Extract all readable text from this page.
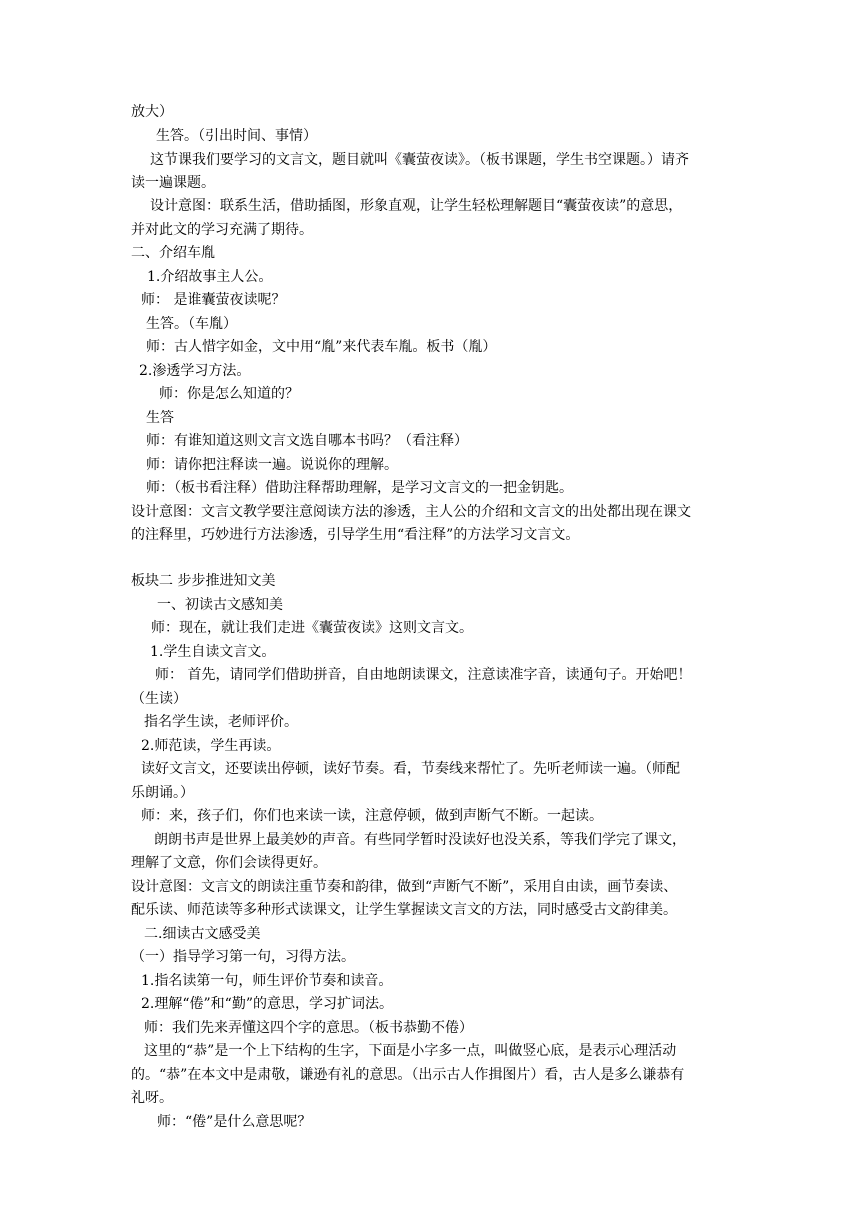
放大）
生答。（引出时间、事情）
这节课我们要学习的文言文，题目就叫《囊萤夜读》。（板书课题，学生书空课题。）请齐
读一遍课题。
设计意图：联系生活，借助插图，形象直观，让学生轻松理解题目“囊萤夜读”的意思，
并对此文的学习充满了期待。
二、介绍车胤
1.介绍故事主人公。
师： 是谁囊萤夜读呢？
生答。（车胤）
师：古人惜字如金，文中用“胤”来代表车胤。板书（胤）
2.渗透学习方法。
师：你是怎么知道的？
生答
师：有谁知道这则文言文选自哪本书吗？（看注释）
师：请你把注释读一遍。说说你的理解。
师：（板书看注释）借助注释帮助理解，是学习文言文的一把金钥匙。
设计意图：文言文教学要注意阅读方法的渗透，主人公的介绍和文言文的出处都出现在课文
的注释里，巧妙进行方法渗透，引导学生用“看注释”的方法学习文言文。
板块二 步步推进知文美
一、初读古文感知美
师：现在，就让我们走进《囊萤夜读》这则文言文。
1.学生自读文言文。
师： 首先，请同学们借助拼音，自由地朗读课文，注意读准字音，读通句子。开始吧！
（生读）
指名学生读，老师评价。
2.师范读，学生再读。
读好文言文，还要读出停顿，读好节奏。看，节奏线来帮忙了。先听老师读一遍。（师配
乐朗诵。）
师：来，孩子们，你们也来读一读，注意停顿，做到声断气不断。一起读。
朗朗书声是世界上最美妙的声音。有些同学暂时没读好也没关系，等我们学完了课文，
理解了文意，你们会读得更好。
设计意图：文言文的朗读注重节奏和韵律，做到“声断气不断”，采用自由读，画节奏读、
配乐读、师范读等多种形式读课文，让学生掌握读文言文的方法，同时感受古文韵律美。
二.细读古文感受美
（一）指导学习第一句，习得方法。
1.指名读第一句，师生评价节奏和读音。
2.理解“倦”和“勤”的意思，学习扩词法。
师：我们先来弄懂这四个字的意思。（板书恭勤不倦）
这里的“恭”是一个上下结构的生字，下面是小字多一点，叫做竖心底，是表示心理活动
的。“恭”在本文中是肃敬，谦逊有礼的意思。（出示古人作揖图片）看，古人是多么谦恭有
礼呀。
师：“倦”是什么意思呢？
